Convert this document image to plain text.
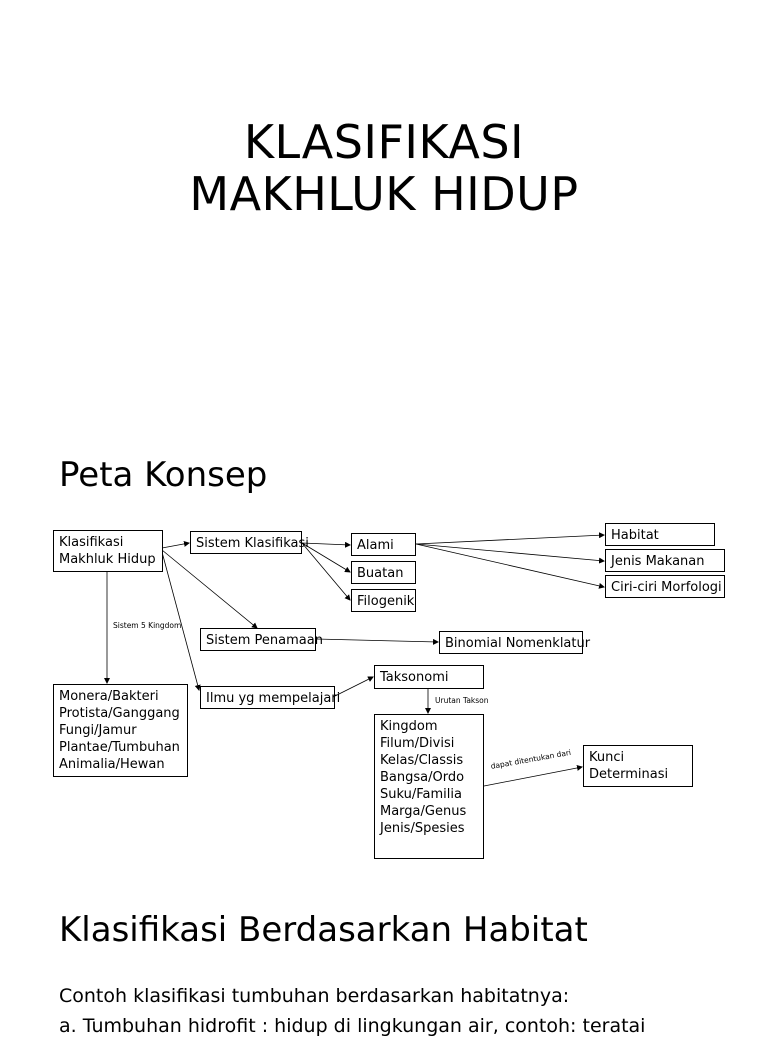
KLASIFIKASI
MAKHLUK HIDUP
Peta Konsep
Klasifikasi
Makhluk Hidup
Sistem Klasifikasi	Alami
Buatan
Filogenik
Habitat
Jenis Makanan
Ciri-ciri Morfologi
Sistem Penamaan	Binomial Nomenklatur
Ilmu yg mempelajari
Taksonomi
Monera/Bakteri
Protista/Ganggang
Fungi/Jamur
Plantae/Tumbuhan
Animalia/Hewan
Kingdom
Filum/Divisi
Kelas/Classis
Bangsa/Ordo
Suku/Familia
Marga/Genus
Jenis/Spesies
Kunci
Determinasi
Sistem 5 Kingdom
Urutan Takson
dapat ditentukan dari
Klasifikasi Berdasarkan Habitat
Contoh klasifikasi tumbuhan berdasarkan habitatnya:
a. Tumbuhan hidrofit : hidup di lingkungan air, contoh: teratai
